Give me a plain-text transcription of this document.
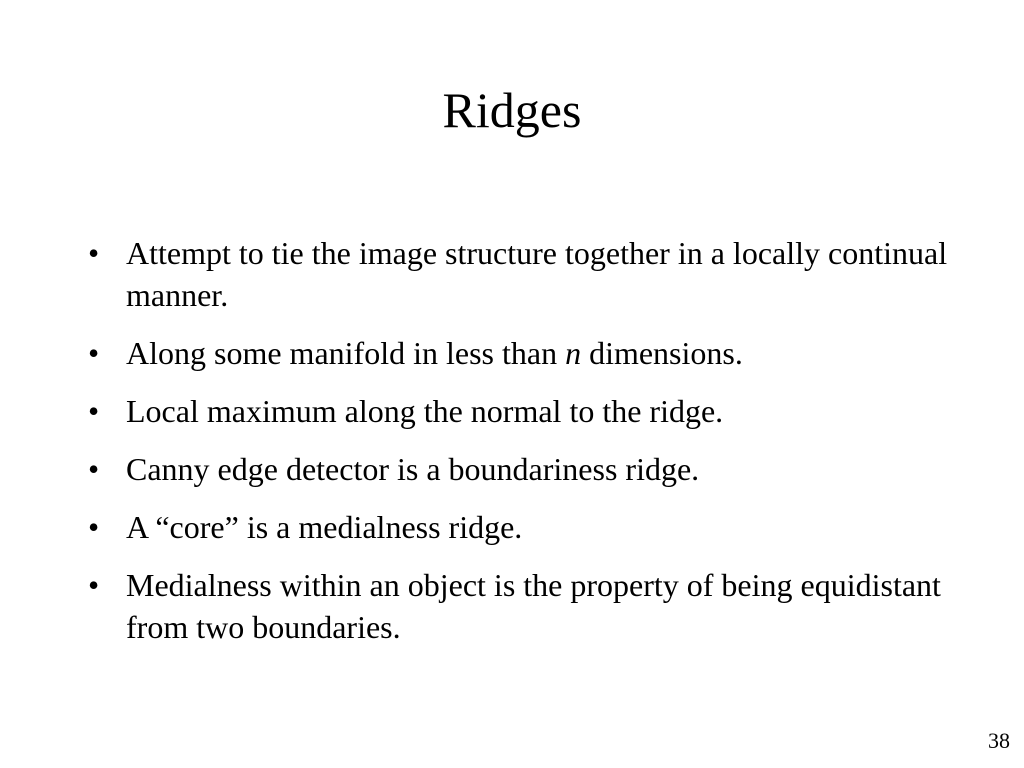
Ridges
• Attempt to tie the image structure together in a locally continual manner.
• Along some manifold in less than n dimensions.
• Local maximum along the normal to the ridge.
• Canny edge detector is a boundariness ridge.
• A “core” is a medialness ridge.
• Medialness within an object is the property of being equidistant from two boundaries.
38
